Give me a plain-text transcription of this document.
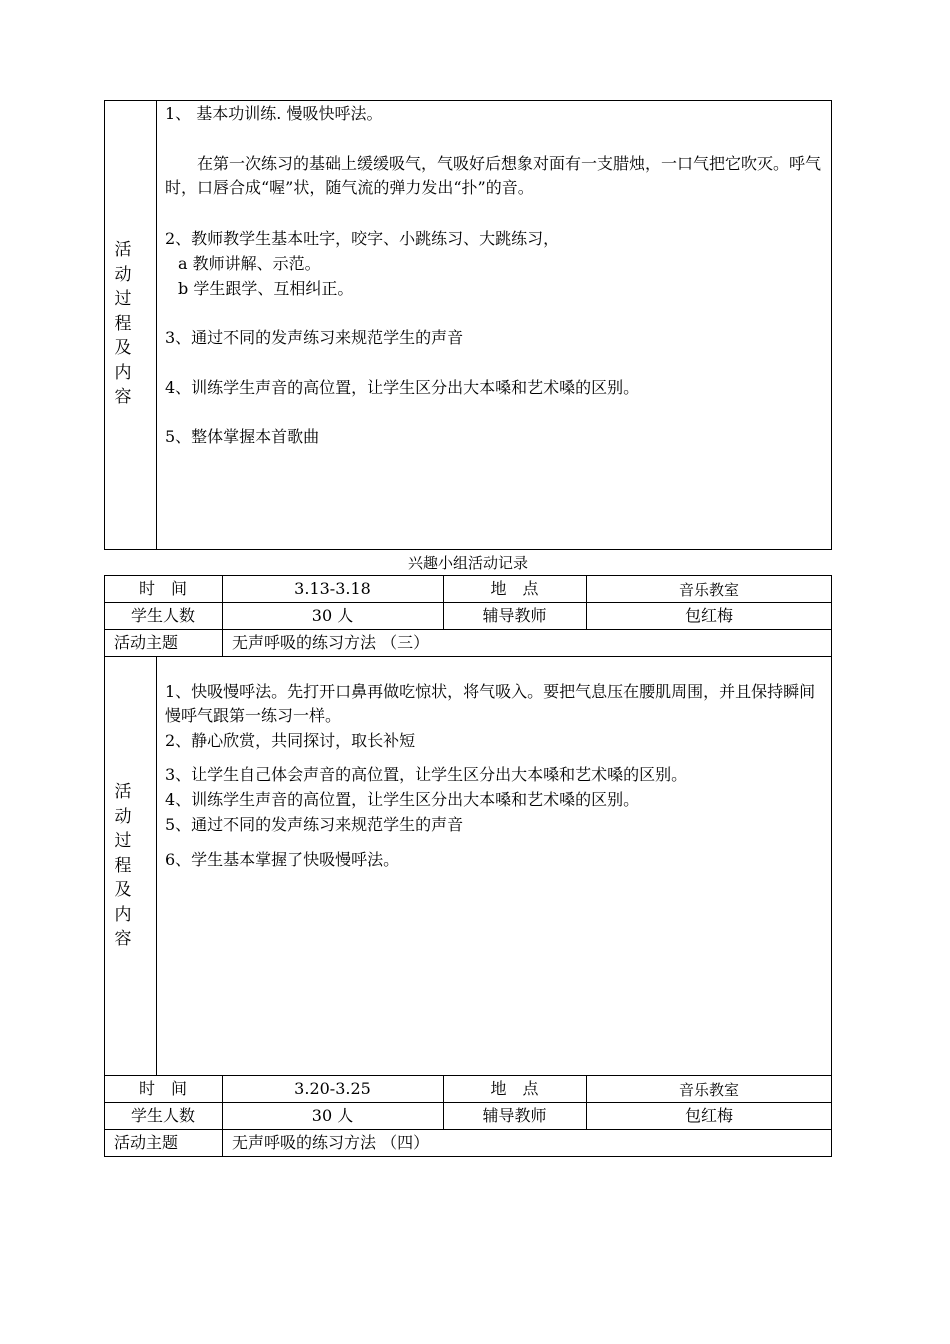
活
动
过
程
及
内
容
1、 基本功训练. 慢吸快呼法。
在第一次练习的基础上缓缓吸气，气吸好后想象对面有一支腊烛，一口气把它吹灭。呼气时，口唇合成“喔”状，随气流的弹力发出“扑”的音。
2、教师教学生基本吐字，咬字、小跳练习、大跳练习，
a 教师讲解、示范。
b 学生跟学、互相纠正。
3、通过不同的发声练习来规范学生的声音
4、训练学生声音的高位置，让学生区分出大本嗓和艺术嗓的区别。
5、整体掌握本首歌曲
兴趣小组活动记录
时　间	3.13-3.18	地　点	音乐教室
学生人数	30 人	辅导教师	包红梅
活动主题	无声呼吸的练习方法 （三）
活
动
过
程
及
内
容
1、快吸慢呼法。先打开口鼻再做吃惊状，将气吸入。要把气息压在腰肌周围，并且保持瞬间慢呼气跟第一练习一样。
2、静心欣赏，共同探讨，取长补短
3、让学生自己体会声音的高位置，让学生区分出大本嗓和艺术嗓的区别。
4、训练学生声音的高位置，让学生区分出大本嗓和艺术嗓的区别。
5、通过不同的发声练习来规范学生的声音
6、学生基本掌握了快吸慢呼法。
时　间	3.20-3.25	地　点	音乐教室
学生人数	30 人	辅导教师	包红梅
活动主题	无声呼吸的练习方法 （四）
